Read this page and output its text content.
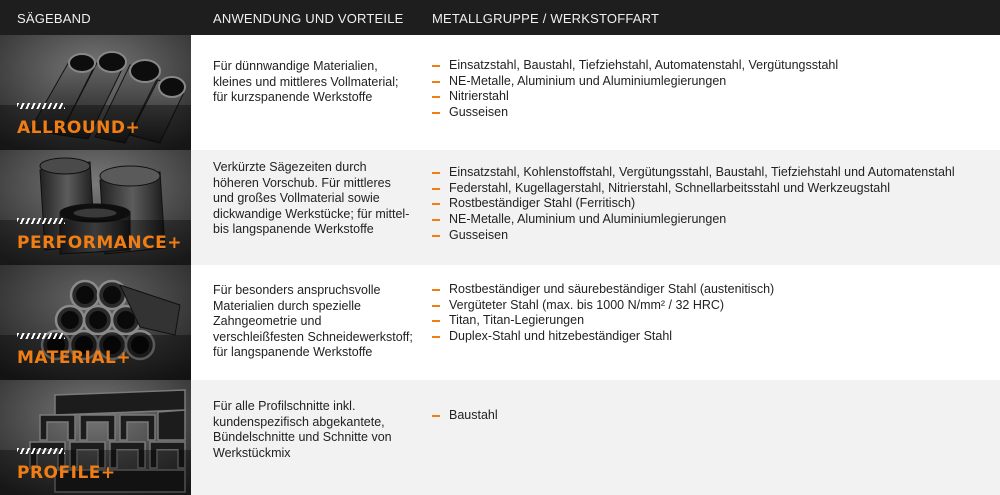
SÄGEBAND	ANWENDUNG UND VORTEILE METALLGRUPPE / WERKSTOFFART
ALLROUND+
Für dünnwandige Materialien, kleines und mittleres Vollmaterial; für kurzspanende Werkstoffe
Einsatzstahl, Baustahl, Tiefziehstahl, Automatenstahl, Vergütungsstahl
NE-Metalle, Aluminium und Aluminiumlegierungen
Nitrierstahl
Gusseisen
PERFORMANCE+
Verkürzte Sägezeiten durch höheren Vorschub. Für mittleres und großes Vollmaterial sowie dickwandige Werkstücke; für mittel- bis langspanende Werkstoffe
Einsatzstahl, Kohlenstoffstahl, Vergütungsstahl, Baustahl, Tiefziehstahl und Automatenstahl
Federstahl, Kugellagerstahl, Nitrierstahl, Schnellarbeitsstahl und Werkzeugstahl
Rostbeständiger Stahl (Ferritisch)
NE-Metalle, Aluminium und Aluminiumlegierungen
Gusseisen
MATERIAL+
Für besonders anspruchsvolle Materialien durch spezielle Zahngeometrie und verschleißfesten Schneidewerkstoff; für langspanende Werkstoffe
Rostbeständiger und säurebeständiger Stahl (austenitisch)
Vergüteter Stahl (max. bis 1000 N/mm² / 32 HRC)
Titan, Titan-Legierungen
Duplex-Stahl und hitzebeständiger Stahl
PROFILE+
Für alle Profilschnitte inkl. kundenspezifisch abgekantete, Bündelschnitte und Schnitte von Werkstückmix
Baustahl
